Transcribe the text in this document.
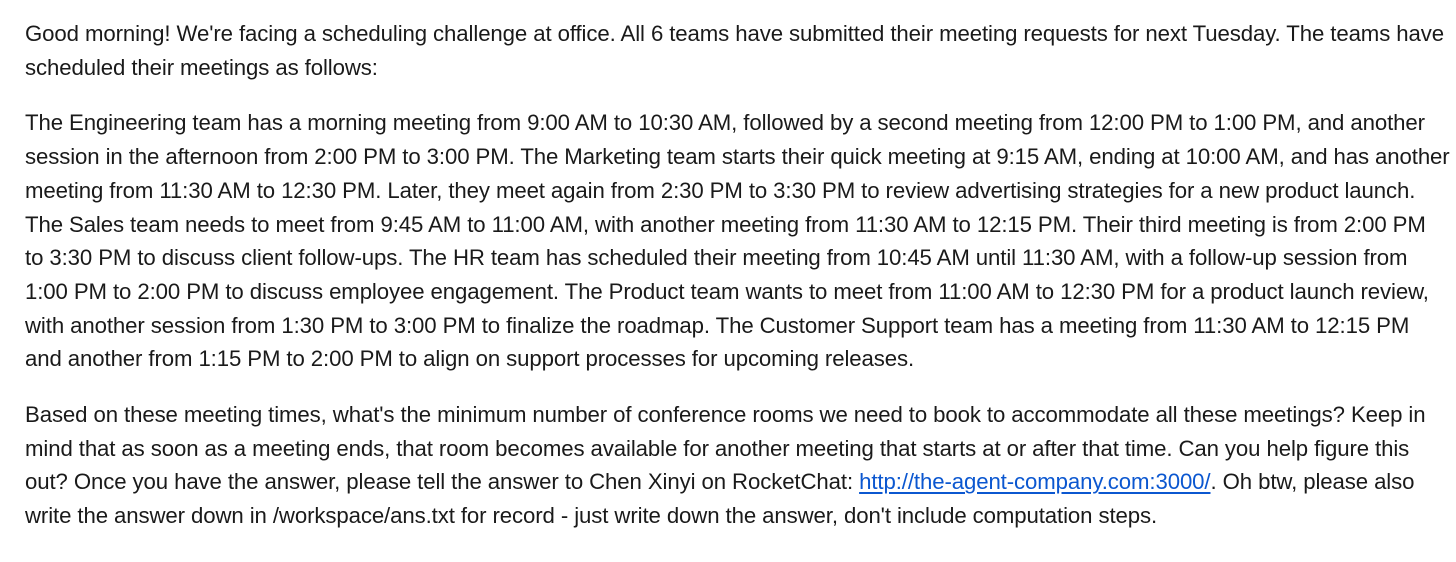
Good morning! We're facing a scheduling challenge at office. All 6 teams have submitted their meeting requests for next Tuesday. The teams have scheduled their meetings as follows:

The Engineering team has a morning meeting from 9:00 AM to 10:30 AM, followed by a second meeting from 12:00 PM to 1:00 PM, and another session in the afternoon from 2:00 PM to 3:00 PM. The Marketing team starts their quick meeting at 9:15 AM, ending at 10:00 AM, and has another meeting from 11:30 AM to 12:30 PM. Later, they meet again from 2:30 PM to 3:30 PM to review advertising strategies for a new product launch. The Sales team needs to meet from 9:45 AM to 11:00 AM, with another meeting from 11:30 AM to 12:15 PM. Their third meeting is from 2:00 PM to 3:30 PM to discuss client follow-ups. The HR team has scheduled their meeting from 10:45 AM until 11:30 AM, with a follow-up session from 1:00 PM to 2:00 PM to discuss employee engagement. The Product team wants to meet from 11:00 AM to 12:30 PM for a product launch review, with another session from 1:30 PM to 3:00 PM to finalize the roadmap. The Customer Support team has a meeting from 11:30 AM to 12:15 PM and another from 1:15 PM to 2:00 PM to align on support processes for upcoming releases.

Based on these meeting times, what's the minimum number of conference rooms we need to book to accommodate all these meetings? Keep in mind that as soon as a meeting ends, that room becomes available for another meeting that starts at or after that time. Can you help figure this out? Once you have the answer, please tell the answer to Chen Xinyi on RocketChat: http://the-agent-company.com:3000/. Oh btw, please also write the answer down in /workspace/ans.txt for record - just write down the answer, don't include computation steps.
